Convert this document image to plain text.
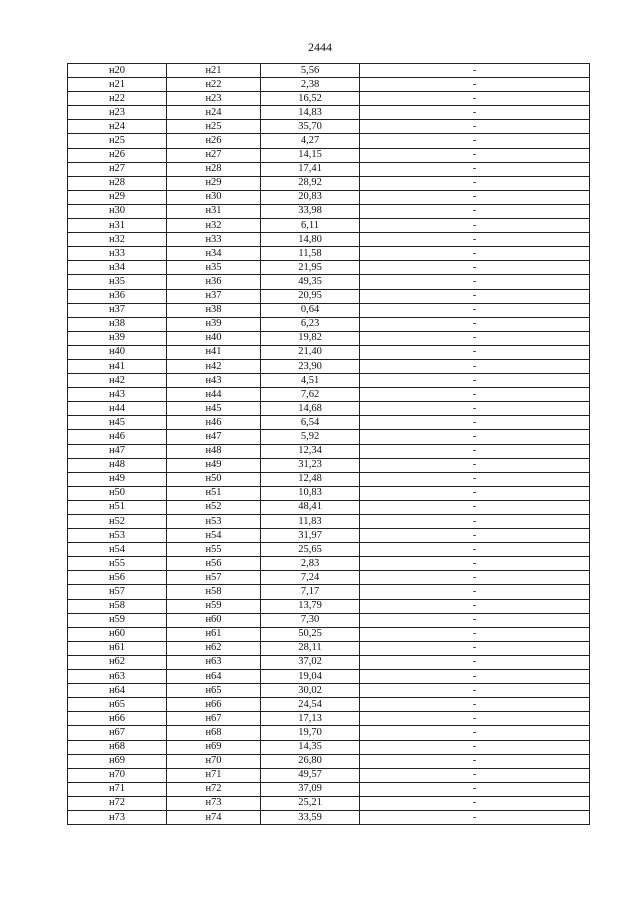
2444
н20	н21	5,56	-
н21	н22	2,38	-
н22	н23	16,52	-
н23	н24	14,83	-
н24	н25	35,70	-
н25	н26	4,27	-
н26	н27	14,15	-
н27	н28	17,41	-
н28	н29	28,92	-
н29	н30	20,83	-
н30	н31	33,98	-
н31	н32	6,11	-
н32	н33	14,80	-
н33	н34	11,58	-
н34	н35	21,95	-
н35	н36	49,35	-
н36	н37	20,95	-
н37	н38	0,64	-
н38	н39	6,23	-
н39	н40	19,82	-
н40	н41	21,40	-
н41	н42	23,90	-
н42	н43	4,51	-
н43	н44	7,62	-
н44	н45	14,68	-
н45	н46	6,54	-
н46	н47	5,92	-
н47	н48	12,34	-
н48	н49	31,23	-
н49	н50	12,48	-
н50	н51	10,83	-
н51	н52	48,41	-
н52	н53	11,83	-
н53	н54	31,97	-
н54	н55	25,65	-
н55	н56	2,83	-
н56	н57	7,24	-
н57	н58	7,17	-
н58	н59	13,79	-
н59	н60	7,30	-
н60	н61	50,25	-
н61	н62	28,11	-
н62	н63	37,02	-
н63	н64	19,04	-
н64	н65	30,02	-
н65	н66	24,54	-
н66	н67	17,13	-
н67	н68	19,70	-
н68	н69	14,35	-
н69	н70	26,80	-
н70	н71	49,57	-
н71	н72	37,09	-
н72	н73	25,21	-
н73	н74	33,59	-
